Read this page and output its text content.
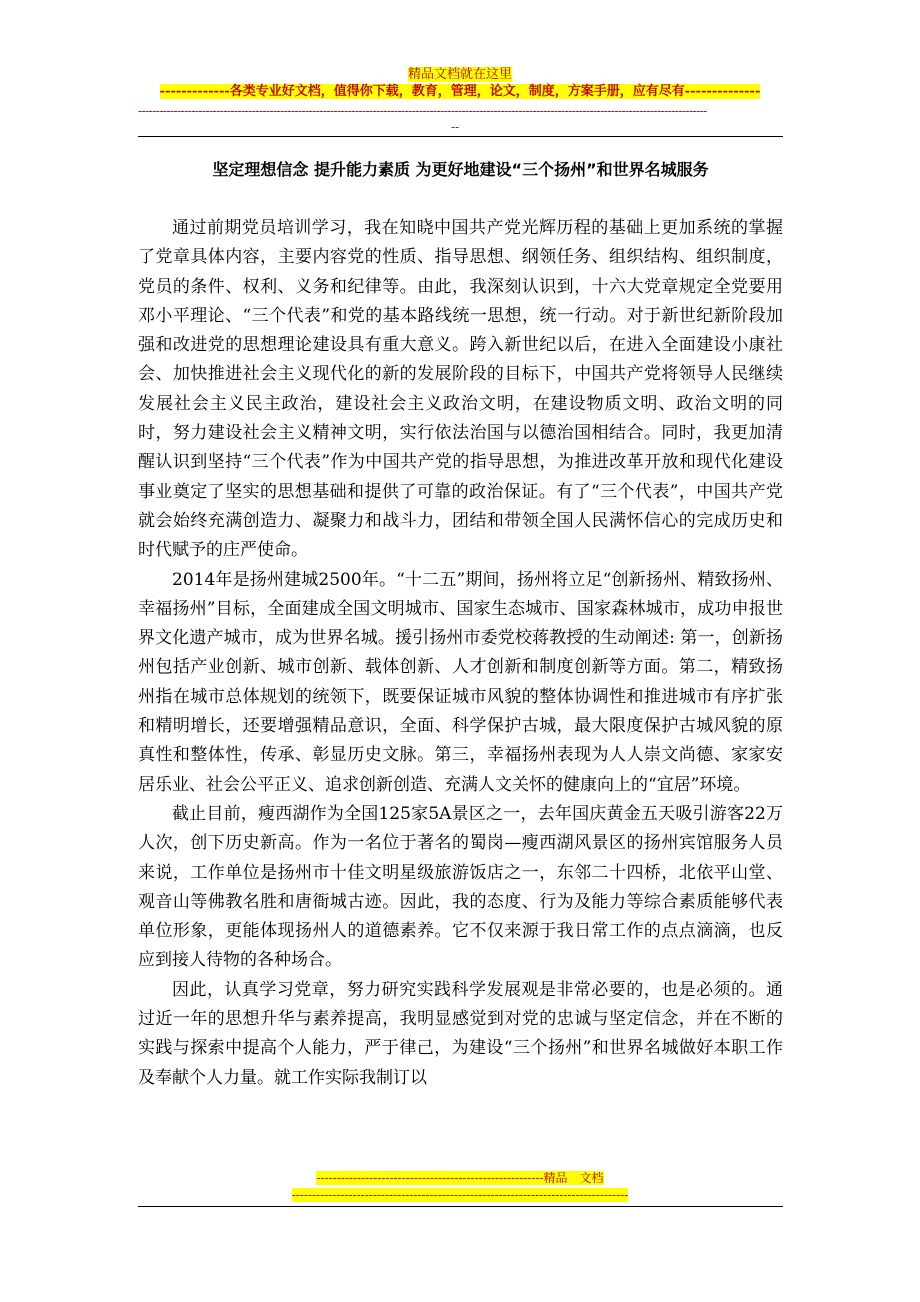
精品文档就在这里
-------------各类专业好文档，值得你下载，教育，管理，论文，制度，方案手册，应有尽有--------------
----------------------------------------------------------------------------------------------------------------------------------------------------------------
--
坚定理想信念 提升能力素质 为更好地建设“三个扬州”和世界名城服务

通过前期党员培训学习，我在知晓中国共产党光辉历程的基础上更加系统的掌握了党章具体内容，主要内容党的性质、指导思想、纲领任务、组织结构、组织制度，党员的条件、权利、义务和纪律等。由此，我深刻认识到，十六大党章规定全党要用邓小平理论、“三个代表”和党的基本路线统一思想，统一行动。对于新世纪新阶段加强和改进党的思想理论建设具有重大意义。跨入新世纪以后，在进入全面建设小康社会、加快推进社会主义现代化的新的发展阶段的目标下，中国共产党将领导人民继续发展社会主义民主政治，建设社会主义政治文明，在建设物质文明、政治文明的同时，努力建设社会主义精神文明，实行依法治国与以德治国相结合。同时，我更加清醒认识到坚持“三个代表”作为中国共产党的指导思想，为推进改革开放和现代化建设事业奠定了坚实的思想基础和提供了可靠的政治保证。有了“三个代表”，中国共产党就会始终充满创造力、凝聚力和战斗力，团结和带领全国人民满怀信心的完成历史和时代赋予的庄严使命。

2014年是扬州建城2500年。“十二五”期间，扬州将立足“创新扬州、精致扬州、幸福扬州”目标，全面建成全国文明城市、国家生态城市、国家森林城市，成功申报世界文化遗产城市，成为世界名城。援引扬州市委党校蒋教授的生动阐述: 第一，创新扬州包括产业创新、城市创新、载体创新、人才创新和制度创新等方面。第二，精致扬州指在城市总体规划的统领下，既要保证城市风貌的整体协调性和推进城市有序扩张和精明增长，还要增强精品意识，全面、科学保护古城，最大限度保护古城风貌的原真性和整体性，传承、彰显历史文脉。第三，幸福扬州表现为人人崇文尚德、家家安居乐业、社会公平正义、追求创新创造、充满人文关怀的健康向上的“宜居”环境。

截止目前，瘦西湖作为全国125家5A景区之一，去年国庆黄金五天吸引游客22万人次，创下历史新高。作为一名位于著名的蜀岗—瘦西湖风景区的扬州宾馆服务人员来说，工作单位是扬州市十佳文明星级旅游饭店之一，东邻二十四桥，北依平山堂、观音山等佛教名胜和唐衙城古迹。因此，我的态度、行为及能力等综合素质能够代表单位形象，更能体现扬州人的道德素养。它不仅来源于我日常工作的点点滴滴，也反应到接人待物的各种场合。

因此，认真学习党章，努力研究实践科学发展观是非常必要的，也是必须的。通过近一年的思想升华与素养提高，我明显感觉到对党的忠诚与坚定信念，并在不断的实践与探索中提高个人能力，严于律己，为建设“三个扬州”和世界名城做好本职工作及奉献个人力量。就工作实际我制订以

--------------------------------------------------------精品　文档
-----------------------------------------------------------------------------------
